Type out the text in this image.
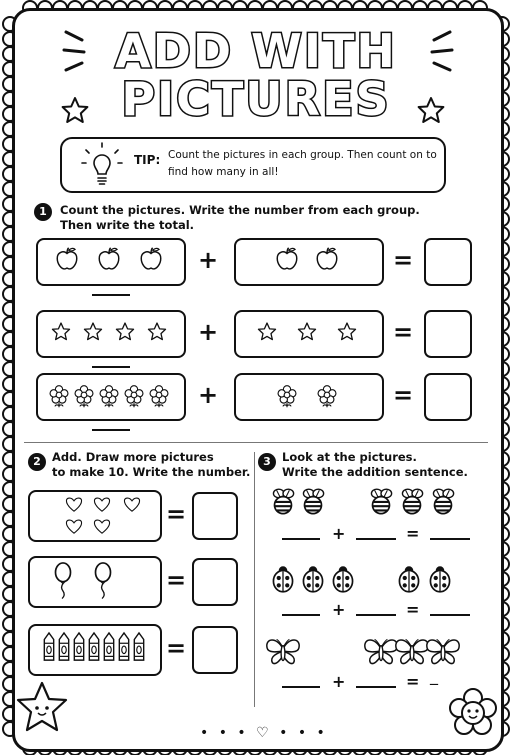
ADD WITH
PICTURES
TIP: Count the pictures in each group. Then count on to find how many in all!
1	Count the pictures. Write the number from each group.
Then write the total.
+	=
+	=
+	=
2 Add. Draw more pictures
to make 10. Write the number.
=
=
=
3 Look at the pictures.
Write the addition sentence.
+	=
+	=
+	= _
• • • ♡ • • •
